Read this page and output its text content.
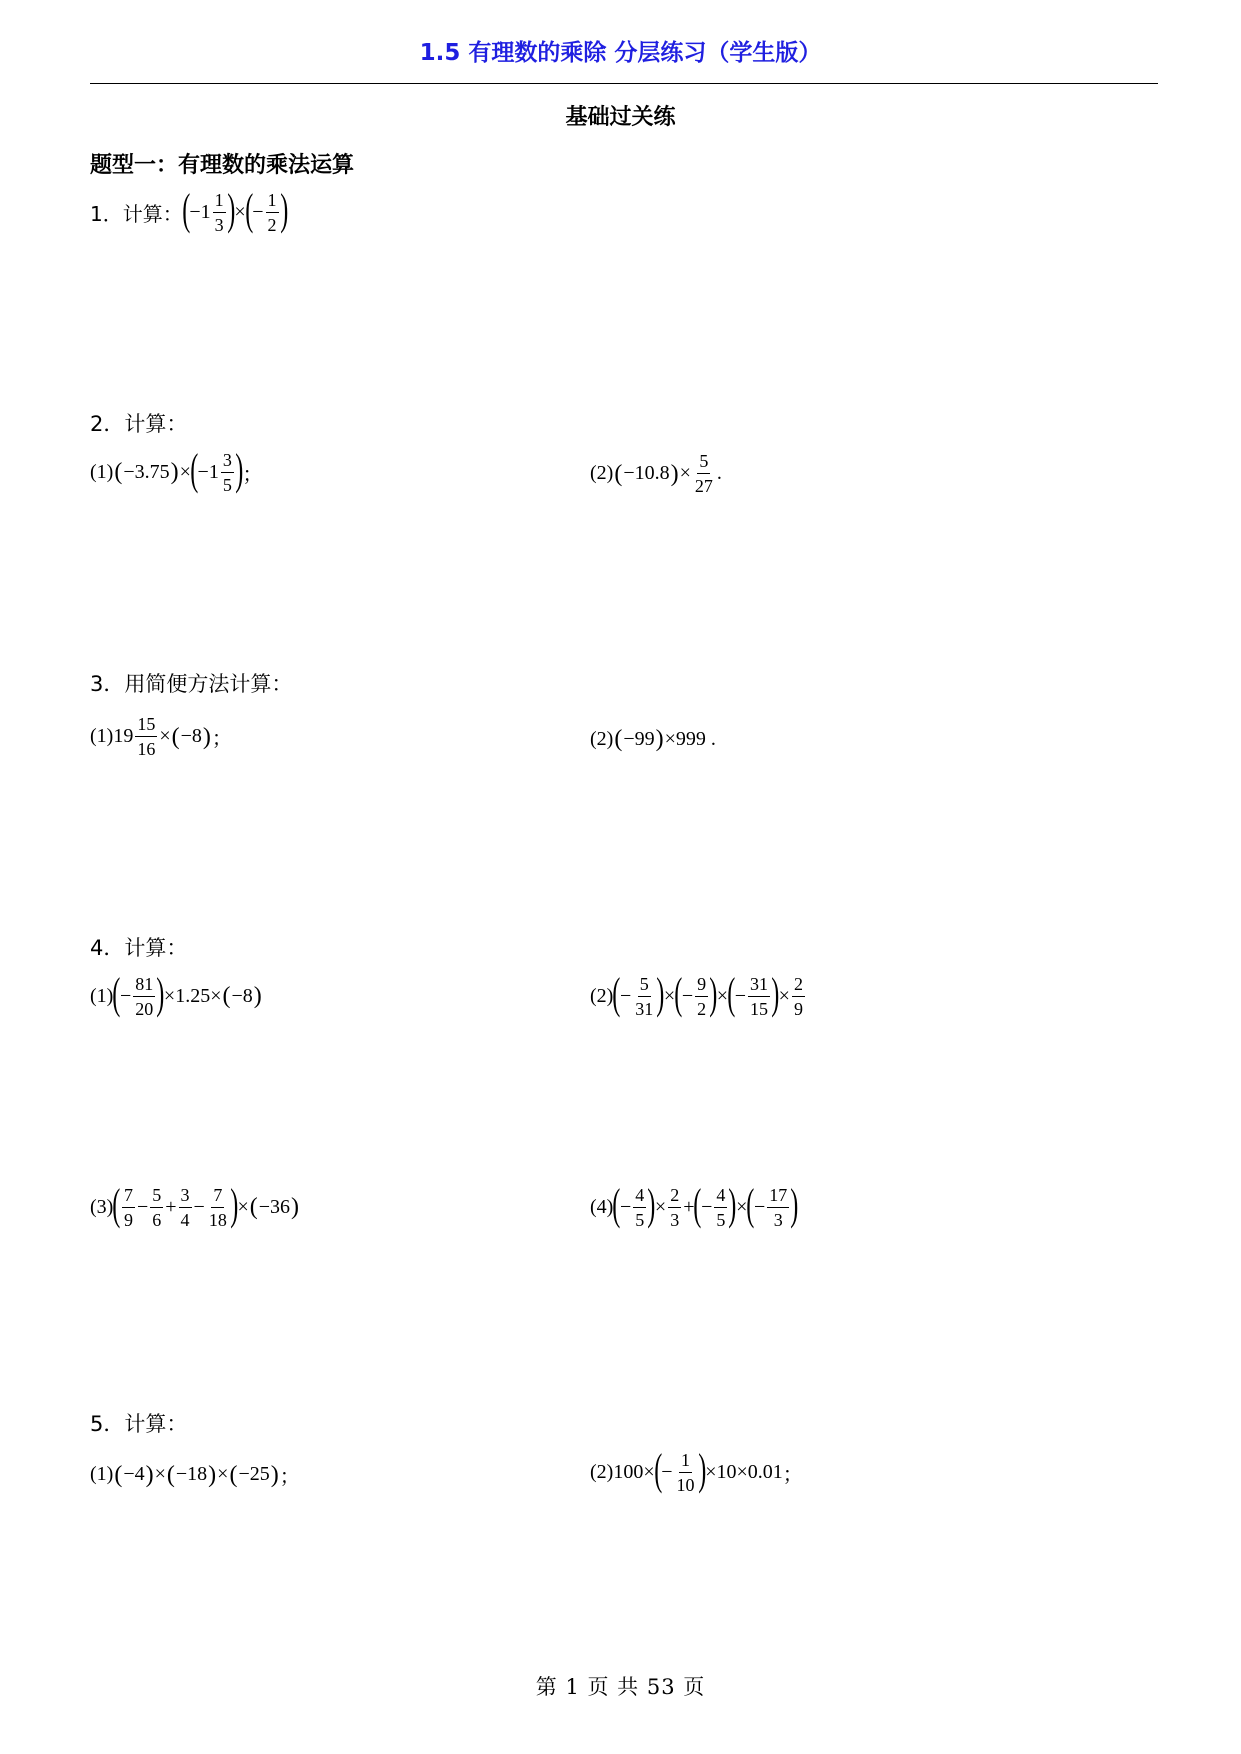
1.5 有理数的乘除 分层练习（学生版）
基础过关练
题型一：有理数的乘法运算
1．计算： ( $-1 \frac{1}{3}$ ) × ( − $\frac{1}{2}$ )
2．计算：
(1) ( −3.75 ) × ( $-1 \frac{3}{5}$ ) ；	(2) ( −10.8 ) × $\frac{5}{27}$ .
3．用简便方法计算：
(1) $19 \frac{15}{16}$ × ( −8 ) ；	(2) ( −99 ) ×999 .
4．计算：
(1) ( − $\frac{81}{20}$ ) ×1.25× ( −8 )	(2) ( − $\frac{5}{31}$ ) × ( − $\frac{9}{2}$ ) × ( − $\frac{31}{15}$ ) × $\frac{2}{9}$
(3) ( $\frac{7}{9} - \frac{5}{6} + \frac{3}{4} - \frac{7}{18}$ ) × ( −36 )	(4) ( − $\frac{4}{5}$ ) × $\frac{2}{3}$ + ( − $\frac{4}{5}$ ) × ( − $\frac{17}{3}$ )
5．计算：
(1) ( −4 ) × ( −18 ) × ( −25 ) ；	(2) 100× ( − $\frac{1}{10}$ ) ×10×0.01 ；
第 1 页 共 53 页
